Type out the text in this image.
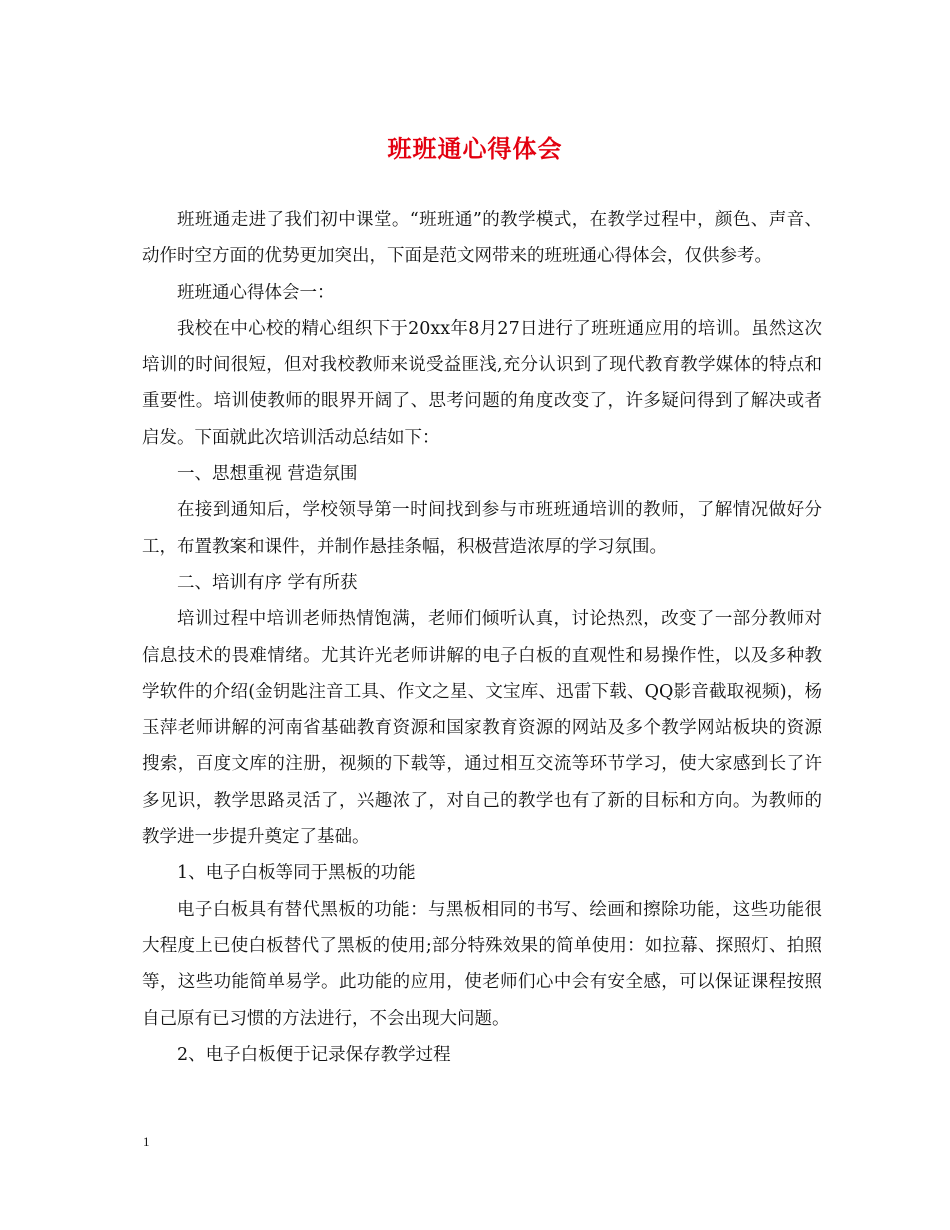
班班通心得体会

班班通走进了我们初中课堂。“班班通”的教学模式，在教学过程中，颜色、声音、动作时空方面的优势更加突出，下面是范文网带来的班班通心得体会，仅供参考。

班班通心得体会一：

我校在中心校的精心组织下于20xx年8月27日进行了班班通应用的培训。虽然这次培训的时间很短，但对我校教师来说受益匪浅,充分认识到了现代教育教学媒体的特点和重要性。培训使教师的眼界开阔了、思考问题的角度改变了，许多疑问得到了解决或者启发。下面就此次培训活动总结如下：

一、思想重视 营造氛围

在接到通知后，学校领导第一时间找到参与市班班通培训的教师，了解情况做好分工，布置教案和课件，并制作悬挂条幅，积极营造浓厚的学习氛围。

二、培训有序 学有所获

培训过程中培训老师热情饱满，老师们倾听认真，讨论热烈，改变了一部分教师对信息技术的畏难情绪。尤其许光老师讲解的电子白板的直观性和易操作性，以及多种教学软件的介绍(金钥匙注音工具、作文之星、文宝库、迅雷下载、QQ影音截取视频)，杨玉萍老师讲解的河南省基础教育资源和国家教育资源的网站及多个教学网站板块的资源搜索，百度文库的注册，视频的下载等，通过相互交流等环节学习，使大家感到长了许多见识，教学思路灵活了，兴趣浓了，对自己的教学也有了新的目标和方向。为教师的教学进一步提升奠定了基础。

1、电子白板等同于黑板的功能

电子白板具有替代黑板的功能：与黑板相同的书写、绘画和擦除功能，这些功能很大程度上已使白板替代了黑板的使用;部分特殊效果的简单使用：如拉幕、探照灯、拍照等，这些功能简单易学。此功能的应用，使老师们心中会有安全感，可以保证课程按照自己原有已习惯的方法进行，不会出现大问题。

2、电子白板便于记录保存教学过程

1
